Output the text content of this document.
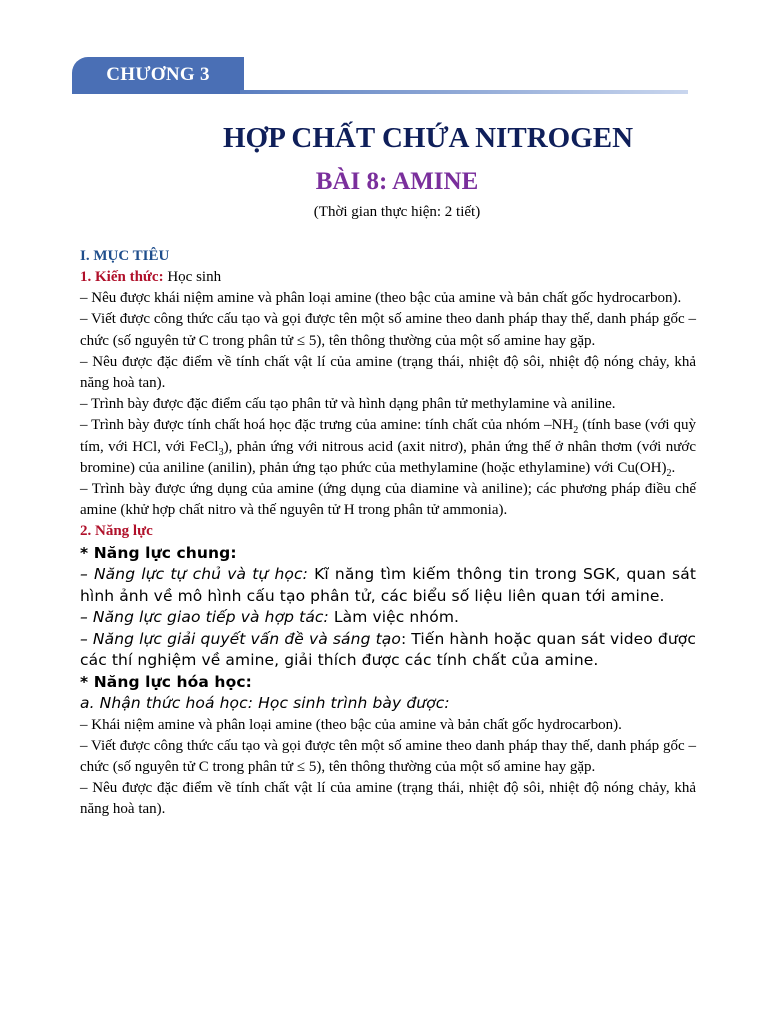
CHƯƠNG 3
HỢP CHẤT CHỨA NITROGEN
BÀI 8: AMINE
(Thời gian thực hiện: 2 tiết)

I. MỤC TIÊU

1. Kiến thức: Học sinh

– Nêu được khái niệm amine và phân loại amine (theo bậc của amine và bản chất gốc hydrocarbon).

– Viết được công thức cấu tạo và gọi được tên một số amine theo danh pháp thay thế, danh pháp gốc – chức (số nguyên tử C trong phân tử ≤ 5), tên thông thường của một số amine hay gặp.

– Nêu được đặc điểm về tính chất vật lí của amine (trạng thái, nhiệt độ sôi, nhiệt độ nóng chảy, khả năng hoà tan).

– Trình bày được đặc điểm cấu tạo phân tử và hình dạng phân tử methylamine và aniline.

– Trình bày được tính chất hoá học đặc trưng của amine: tính chất của nhóm $-NH_2$ (tính base (với quỳ tím, với HCl, với FeCl$_3$), phản ứng với nitrous acid (axit nitrơ), phản ứng thế ở nhân thơm (với nước bromine) của aniline (anilin), phản ứng tạo phức của methylamine (hoặc ethylamine) với $Cu(OH)_2$.

– Trình bày được ứng dụng của amine (ứng dụng của diamine và aniline); các phương pháp điều chế amine (khử hợp chất nitro và thế nguyên tử H trong phân tử ammonia).

2. Năng lực

* Năng lực chung:

– Năng lực tự chủ và tự học: Kĩ năng tìm kiếm thông tin trong SGK, quan sát hình ảnh về mô hình cấu tạo phân tử, các biểu số liệu liên quan tới amine.

– Năng lực giao tiếp và hợp tác: Làm việc nhóm.

– Năng lực giải quyết vấn đề và sáng tạo: Tiến hành hoặc quan sát video được các thí nghiệm về amine, giải thích được các tính chất của amine.

* Năng lực hóa học:

a. Nhận thức hoá học: Học sinh trình bày được:

– Khái niệm amine và phân loại amine (theo bậc của amine và bản chất gốc hydrocarbon).

– Viết được công thức cấu tạo và gọi được tên một số amine theo danh pháp thay thế, danh pháp gốc – chức (số nguyên tử C trong phân tử ≤ 5), tên thông thường của một số amine hay gặp.

– Nêu được đặc điểm về tính chất vật lí của amine (trạng thái, nhiệt độ sôi, nhiệt độ nóng chảy, khả năng hoà tan).
